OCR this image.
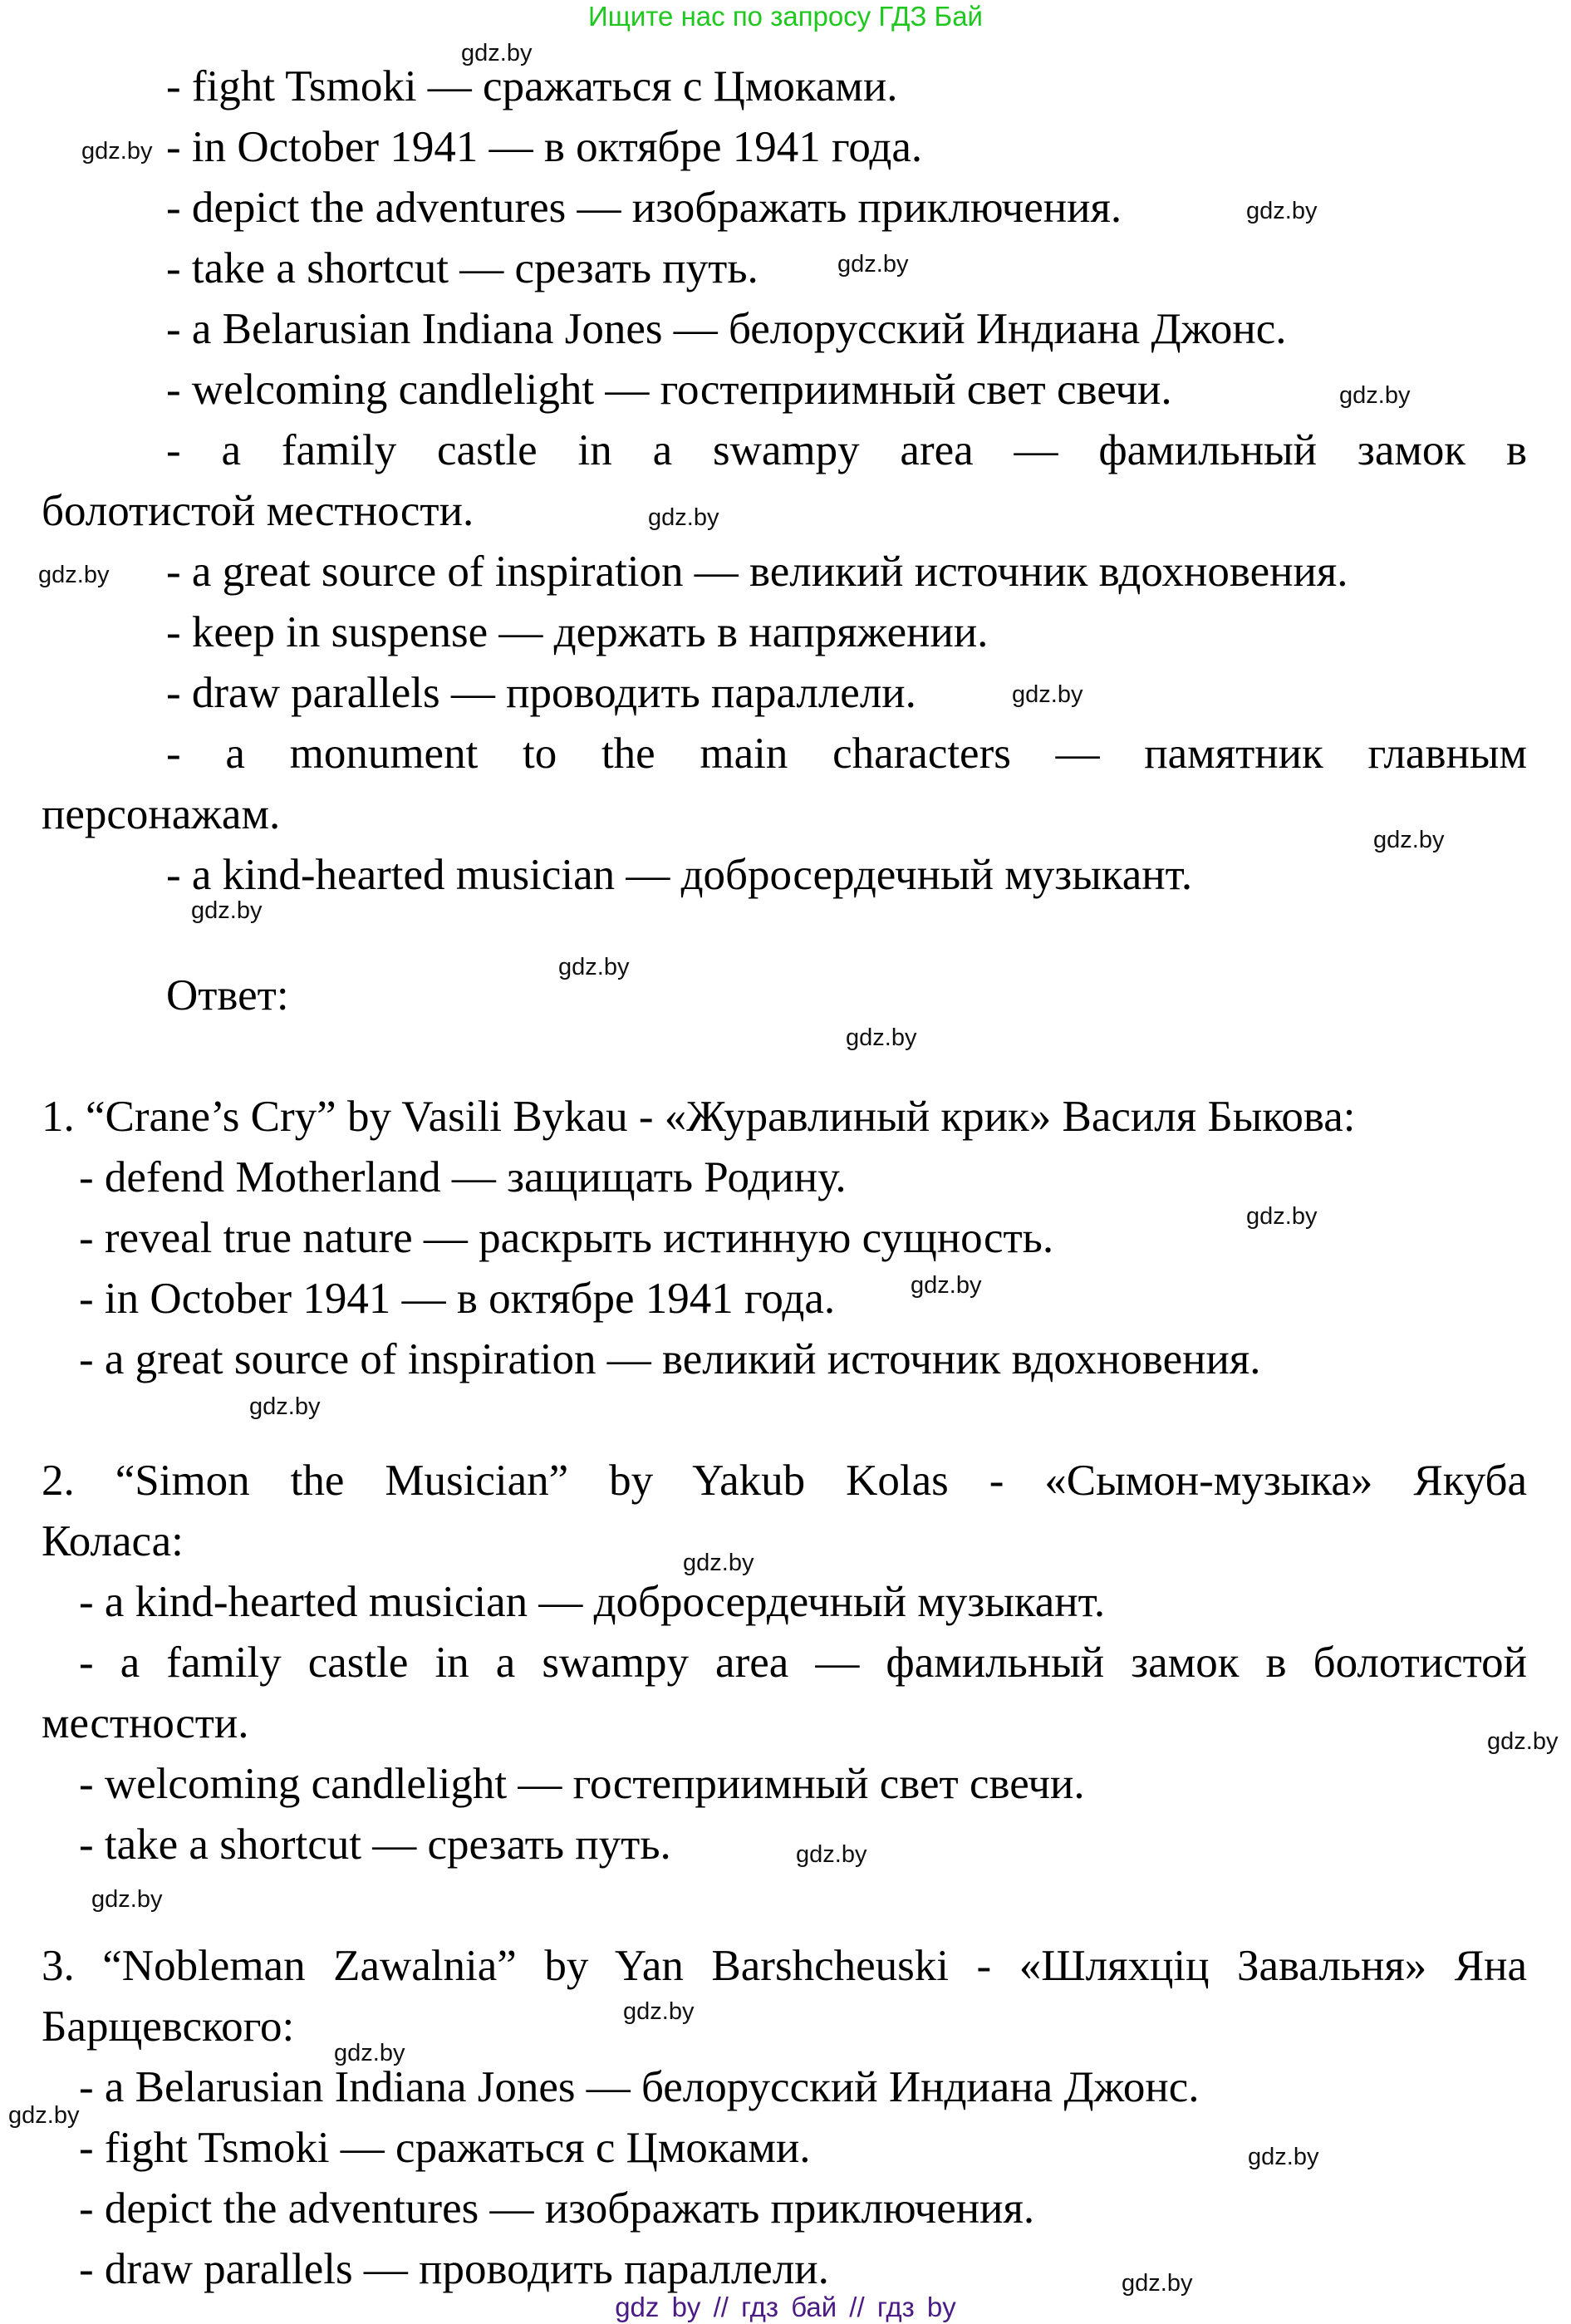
Ищите нас по запросу ГДЗ Бай
- fight Tsmoki — сражаться с Цмоками.
- in October 1941 — в октябре 1941 года.
- depict the adventures — изображать приключения.
- take a shortcut — срезать путь.
- a Belarusian Indiana Jones — белорусский Индиана Джонс.
- welcoming candlelight — гостеприимный свет свечи.
- a family castle in a swampy area — фамильный замок в
болотистой местности.
- a great source of inspiration — великий источник вдохновения.
- keep in suspense — держать в напряжении.
- draw parallels — проводить параллели.
- a monument to the main characters — памятник главным
персонажам.
- a kind-hearted musician — добросердечный музыкант.
Ответ:
1. “Crane’s Cry” by Vasili Bykau - «Журавлиный крик» Василя Быкова:
- defend Motherland — защищать Родину.
- reveal true nature — раскрыть истинную сущность.
- in October 1941 — в октябре 1941 года.
- a great source of inspiration — великий источник вдохновения.
2. “Simon the Musician” by Yakub Kolas - «Сымон-музыка» Якуба
Коласа:
- a kind-hearted musician — добросердечный музыкант.
- a family castle in a swampy area — фамильный замок в болотистой
местности.
- welcoming candlelight — гостеприимный свет свечи.
- take a shortcut — срезать путь.
3. “Nobleman Zawalnia” by Yan Barshcheuski - «Шляхціц Завальня» Яна
Барщевского:
- a Belarusian Indiana Jones — белорусский Индиана Джонс.
- fight Tsmoki — сражаться с Цмоками.
- depict the adventures — изображать приключения.
- draw parallels — проводить параллели.
gdz.by
gdz.by
gdz.by
gdz.by
gdz.by
gdz.by
gdz.by
gdz.by
gdz.by
gdz.by
gdz.by
gdz.by
gdz.by
gdz.by
gdz.by
gdz.by
gdz.by
gdz.by
gdz.by
gdz.by
gdz.by
gdz.by
gdz.by
gdz.by
gdz by // гдз бай // гдз by
